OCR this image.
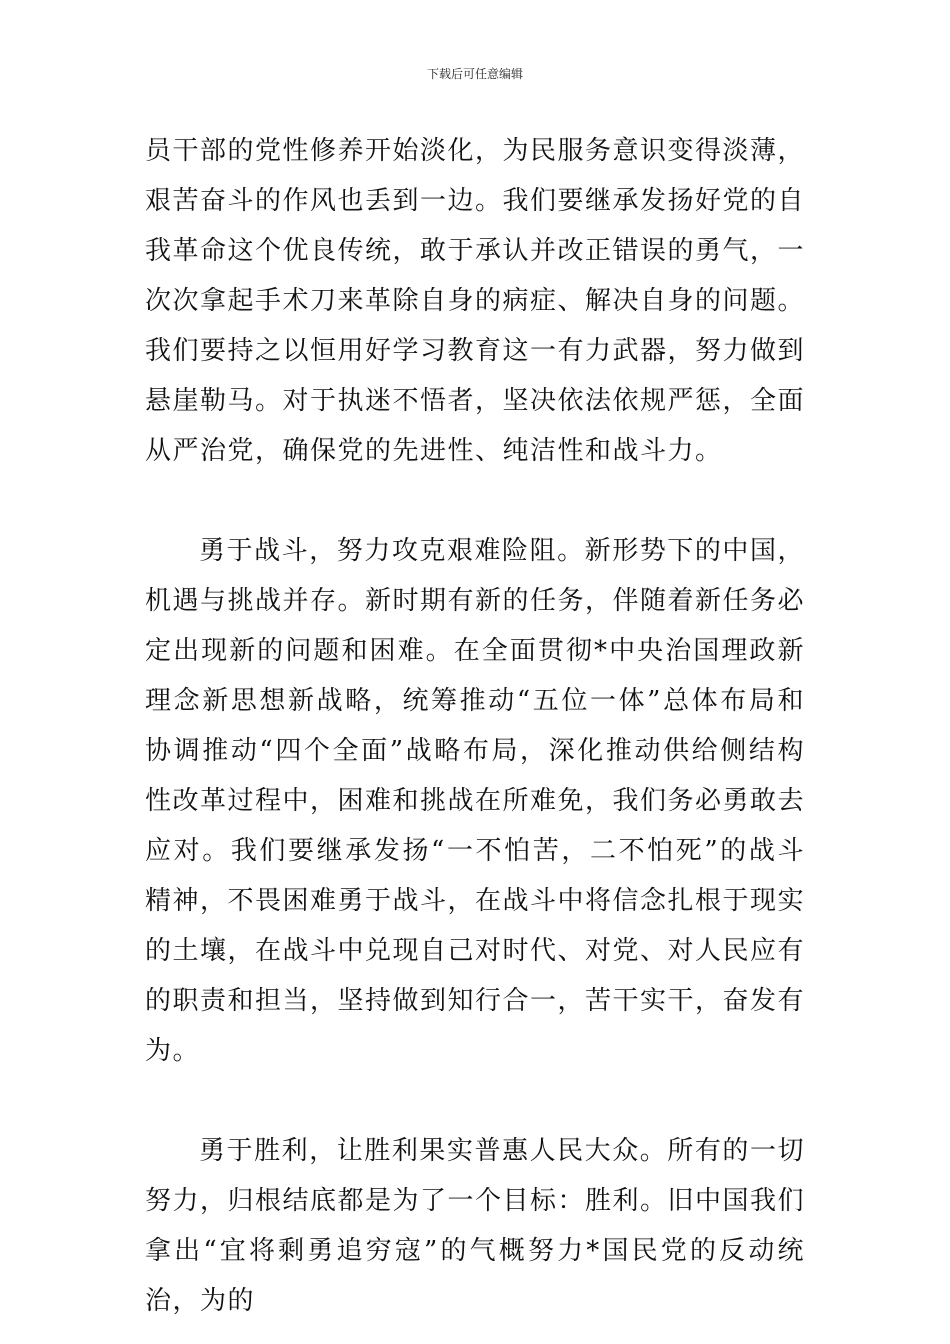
下载后可任意编辑

员干部的党性修养开始淡化，为民服务意识变得淡薄，艰苦奋斗的作风也丢到一边。我们要继承发扬好党的自我革命这个优良传统，敢于承认并改正错误的勇气，一次次拿起手术刀来革除自身的病症、解决自身的问题。我们要持之以恒用好学习教育这一有力武器，努力做到悬崖勒马。对于执迷不悟者，坚决依法依规严惩，全面从严治党，确保党的先进性、纯洁性和战斗力。

勇于战斗，努力攻克艰难险阻。新形势下的中国，机遇与挑战并存。新时期有新的任务，伴随着新任务必定出现新的问题和困难。在全面贯彻*中央治国理政新理念新思想新战略，统筹推动“五位一体”总体布局和协调推动“四个全面”战略布局，深化推动供给侧结构性改革过程中，困难和挑战在所难免，我们务必勇敢去应对。我们要继承发扬“一不怕苦，二不怕死”的战斗精神，不畏困难勇于战斗，在战斗中将信念扎根于现实的土壤，在战斗中兑现自己对时代、对党、对人民应有的职责和担当，坚持做到知行合一，苦干实干，奋发有为。

勇于胜利，让胜利果实普惠人民大众。所有的一切努力，归根结底都是为了一个目标：胜利。旧中国我们拿出“宜将剩勇追穷寇”的气概努力*国民党的反动统治，为的
